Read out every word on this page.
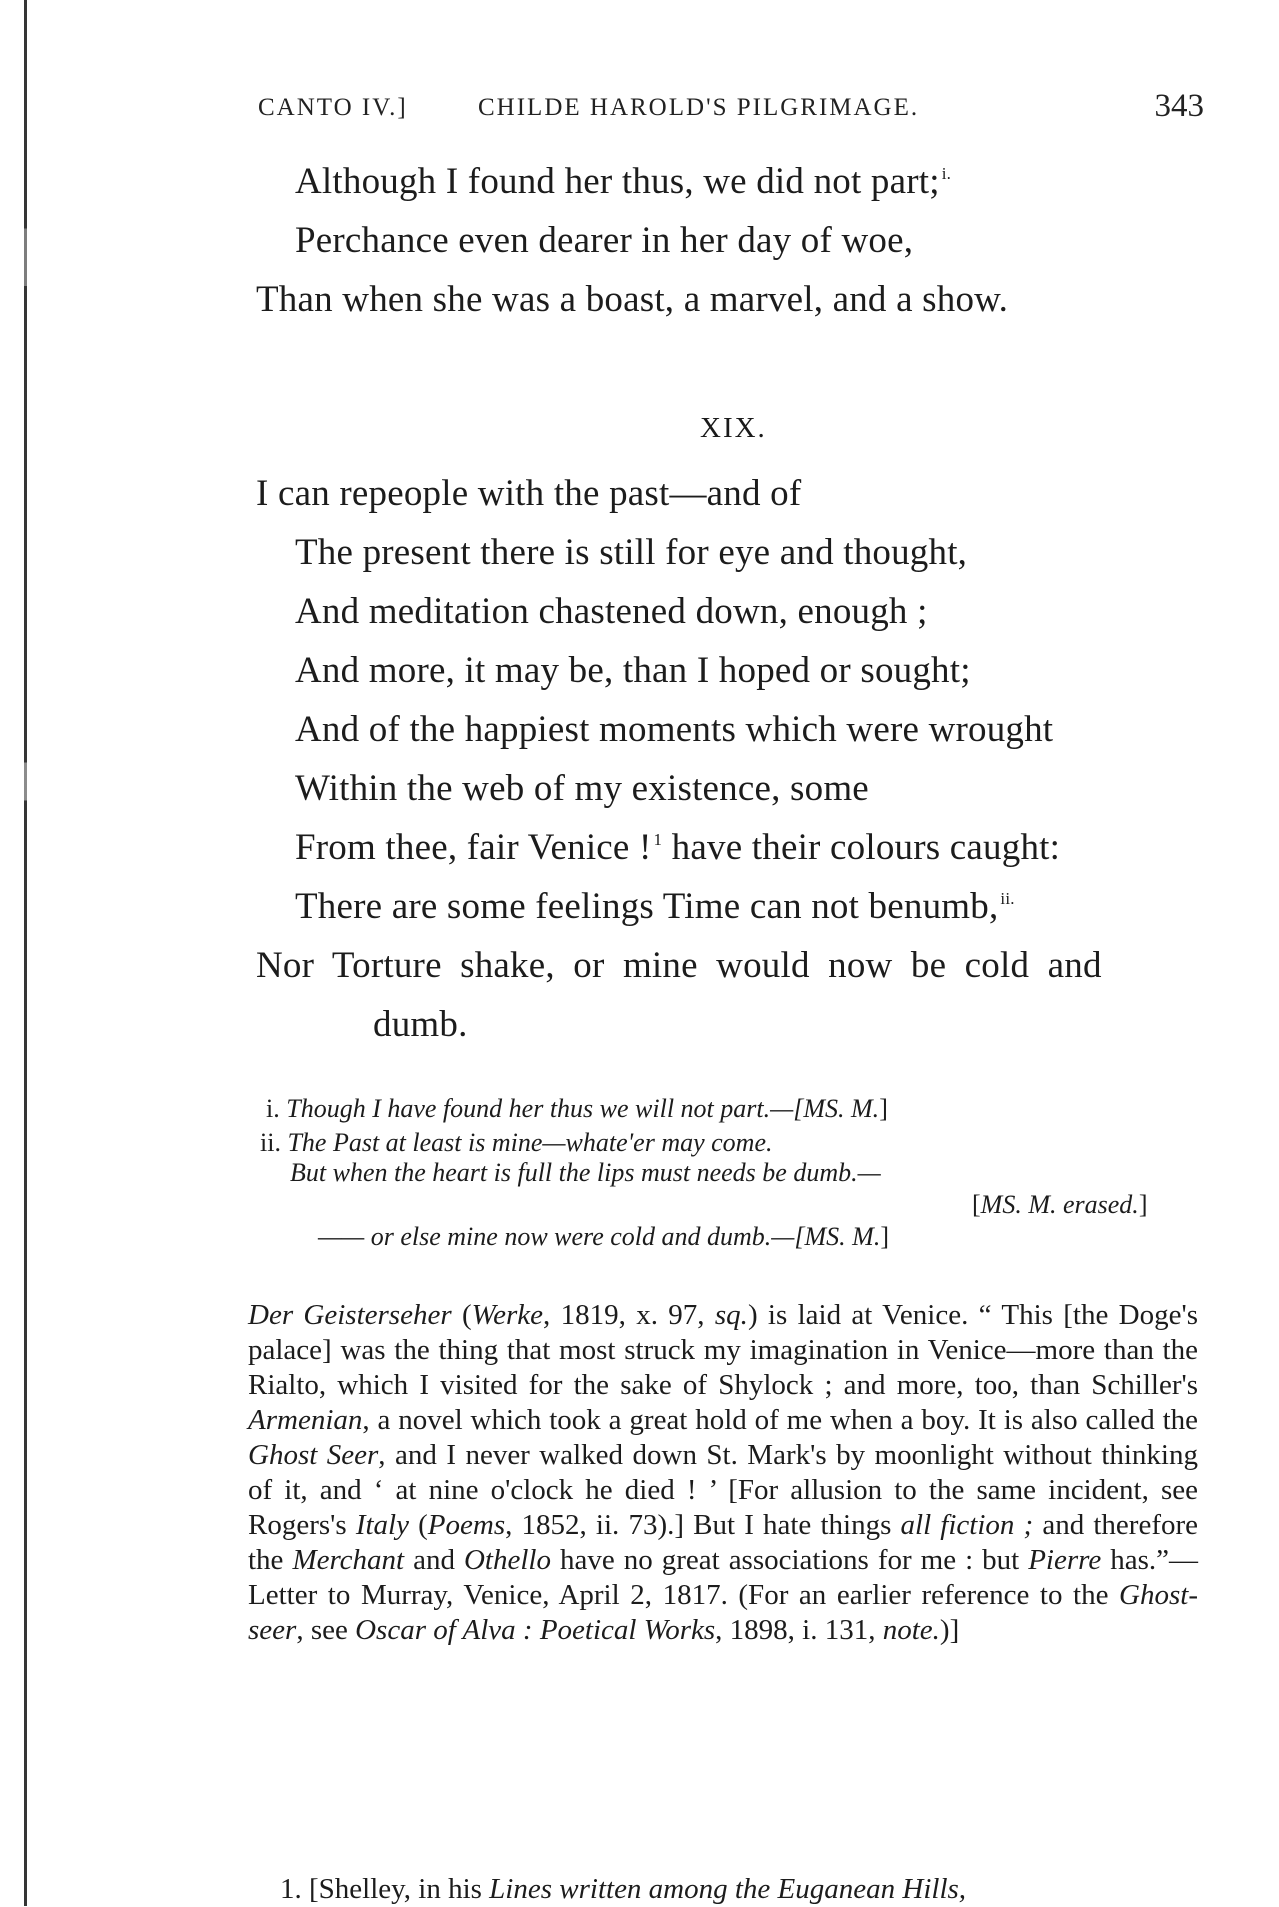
CANTO IV.]	CHILDE HAROLD'S PILGRIMAGE.	343
Although I found her thus, we did not part; $^{i.}$
Perchance even dearer in her day of woe,
Than when she was a boast, a marvel, and a show.
XIX.
I can repeople with the past—and of
The present there is still for eye and thought,
And meditation chastened down, enough ;
And more, it may be, than I hoped or sought;
And of the happiest moments which were wrought
Within the web of my existence, some
From thee, fair Venice ! $^1$ have their colours caught:
There are some feelings Time can not benumb, $^{ii.}$
Nor Torture shake, or mine would now be cold and
dumb.
i. Though I have found her thus we will not part.—[MS. M.]
ii. The Past at least is mine—whate'er may come.
But when the heart is full the lips must needs be dumb.—
[MS. M. erased.]
—— or else mine now were cold and dumb.—[MS. M.]

Der Geisterseher (Werke, 1819, x. 97, sq.) is laid at Venice. “ This [the Doge's palace] was the thing that most struck my imagination in Venice—more than the Rialto, which I visited for the sake of Shylock ; and more, too, than Schiller's Armenian, a novel which took a great hold of me when a boy. It is also called the Ghost Seer, and I never walked down St. Mark's by moonlight without thinking of it, and ‘ at nine o'clock he died ! ’ [For allusion to the same incident, see Rogers's Italy (Poems, 1852, ii. 73).] But I hate things all fiction ; and therefore the Merchant and Othello have no great associations for me : but Pierre has.”—Letter to Murray, Venice, April 2, 1817. (For an earlier reference to the Ghost-seer, see Oscar of Alva : Poetical Works, 1898, i. 131, note.)]

1. [Shelley, in his Lines written among the Euganean Hills,
